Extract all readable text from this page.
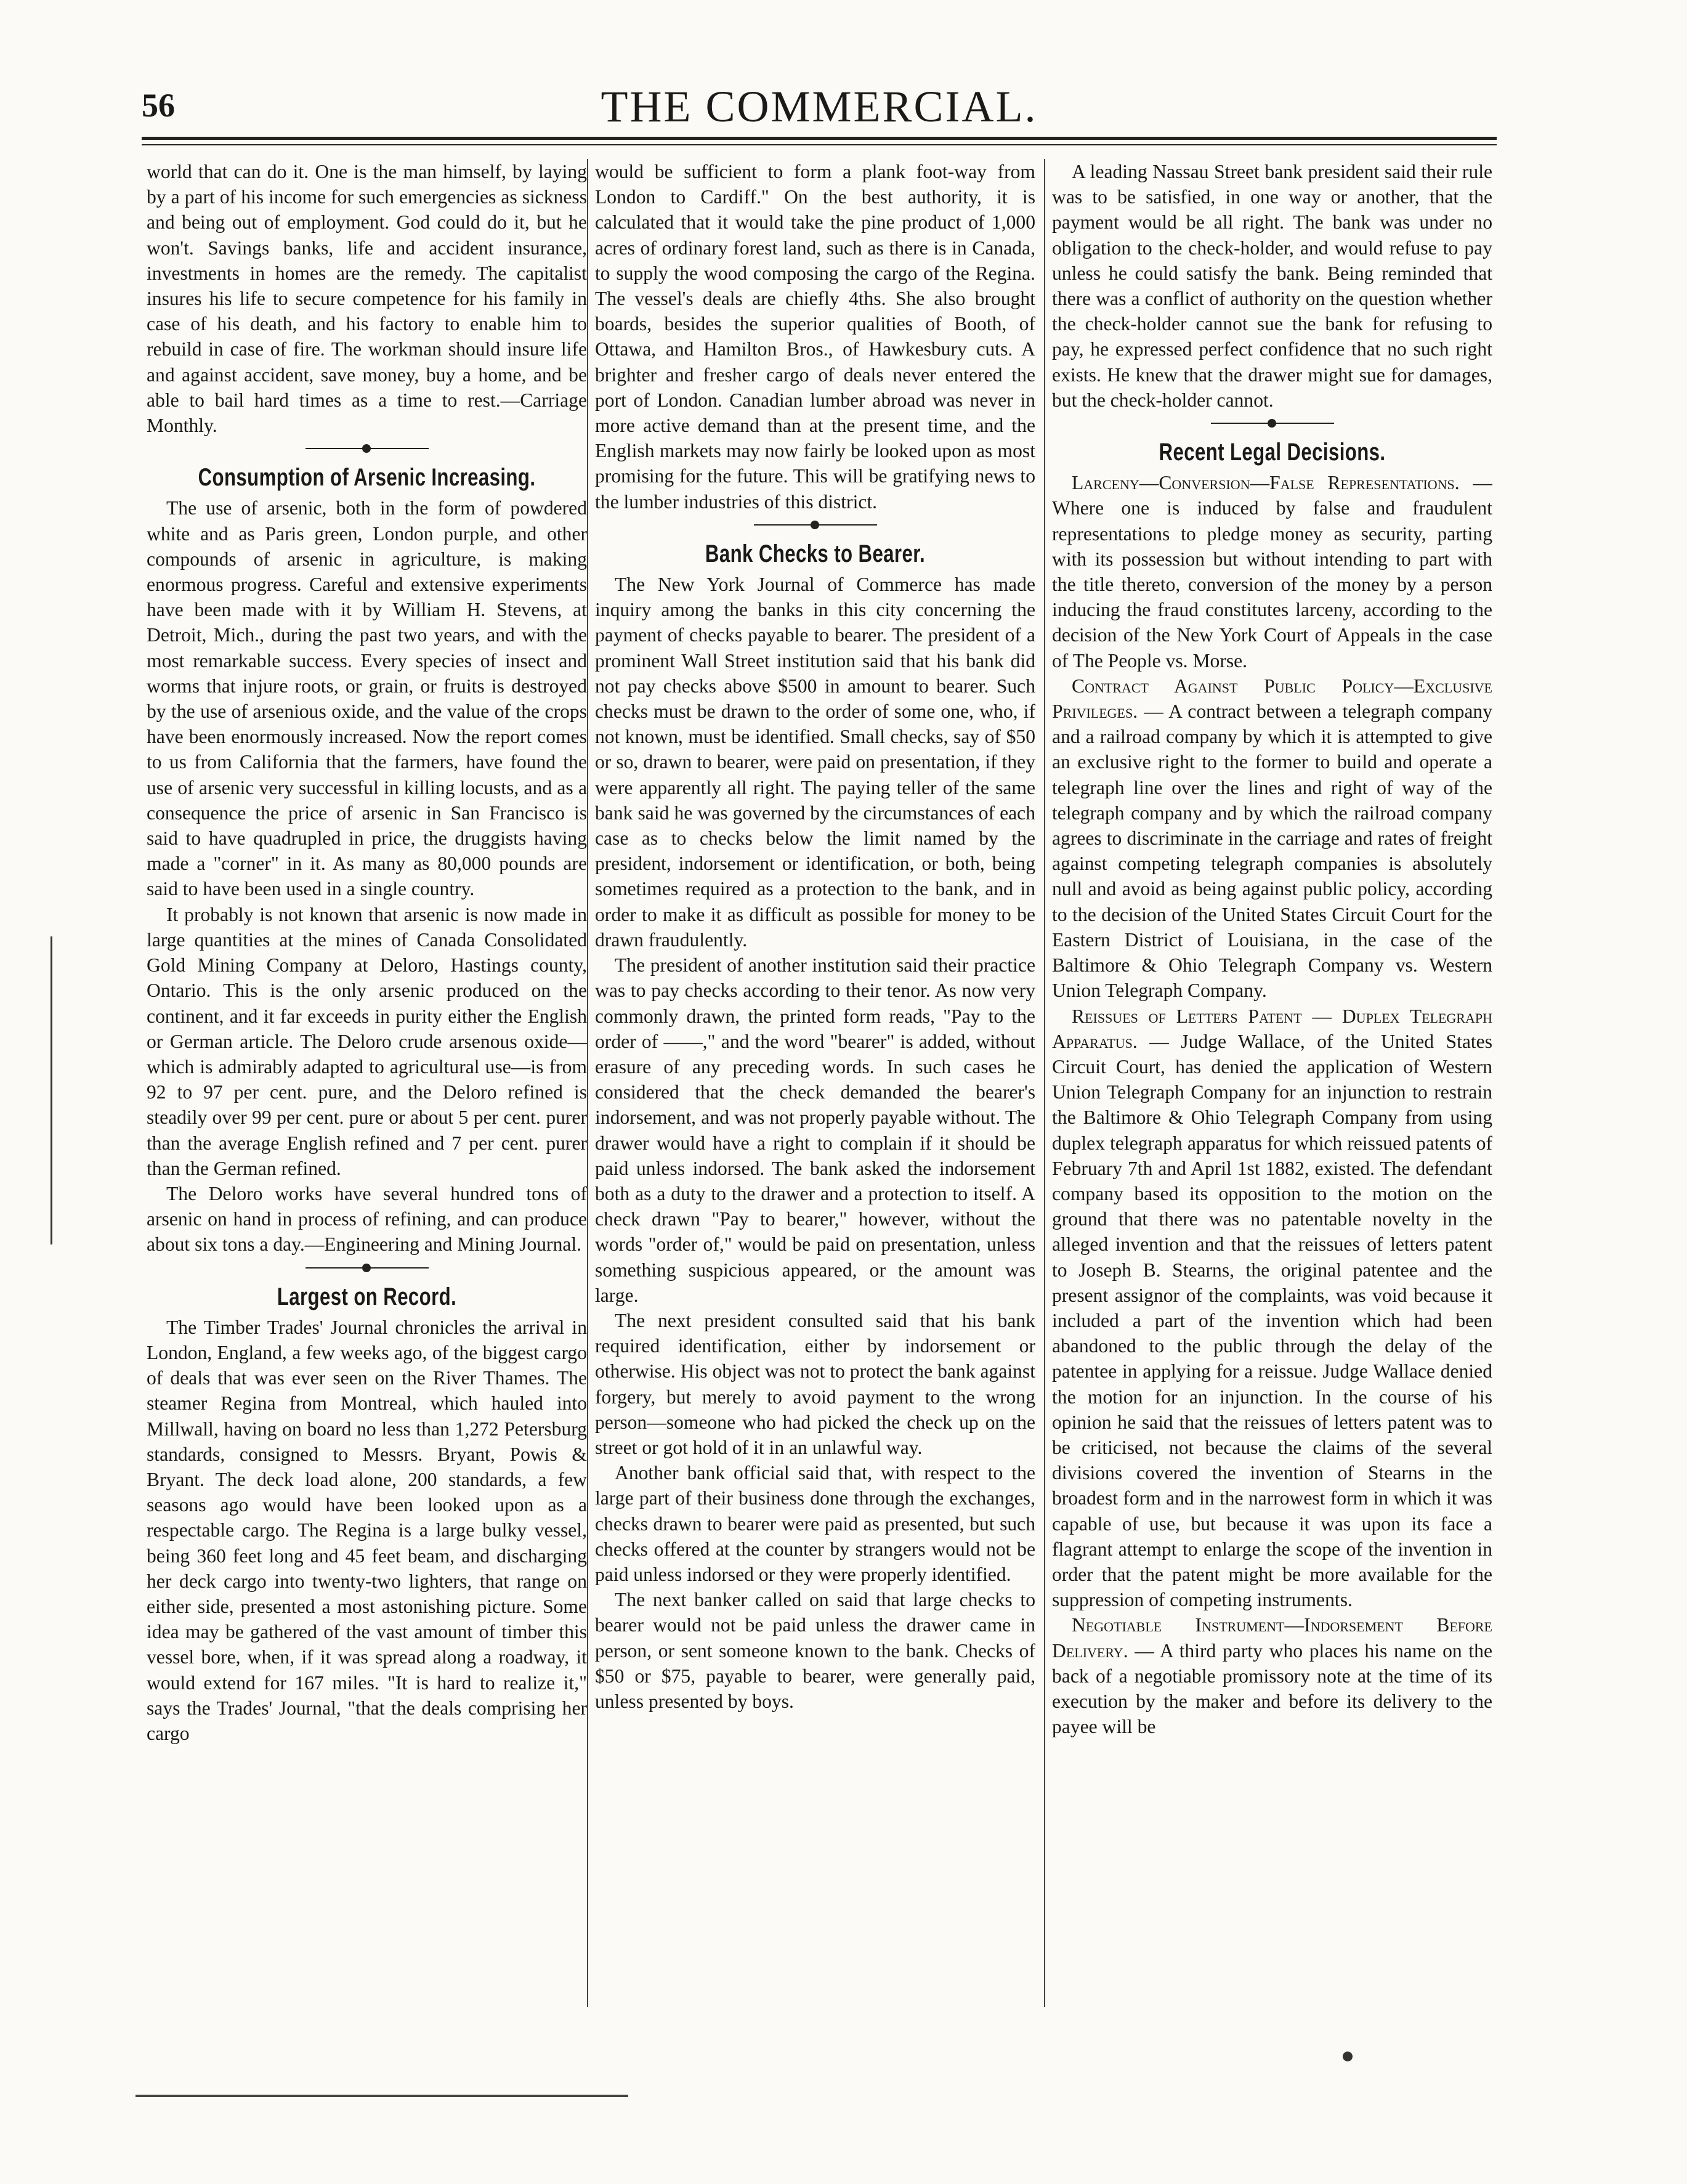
56	THE COMMERCIAL.

world that can do it. One is the man himself, by laying by a part of his income for such emergencies as sickness and being out of employment. God could do it, but he won't. Savings banks, life and accident insurance, investments in homes are the remedy. The capitalist insures his life to secure competence for his family in case of his death, and his factory to enable him to rebuild in case of fire. The workman should insure life and against accident, save money, buy a home, and be able to bail hard times as a time to rest.—Carriage Monthly.

Consumption of Arsenic Increasing.

The use of arsenic, both in the form of powdered white and as Paris green, London purple, and other compounds of arsenic in agriculture, is making enormous progress. Careful and extensive experiments have been made with it by William H. Stevens, at Detroit, Mich., during the past two years, and with the most remarkable success. Every species of insect and worms that injure roots, or grain, or fruits is destroyed by the use of arsenious oxide, and the value of the crops have been enormously increased. Now the report comes to us from California that the farmers, have found the use of arsenic very successful in killing locusts, and as a consequence the price of arsenic in San Francisco is said to have quadrupled in price, the druggists having made a "corner" in it. As many as 80,000 pounds are said to have been used in a single country.

It probably is not known that arsenic is now made in large quantities at the mines of Canada Consolidated Gold Mining Company at Deloro, Hastings county, Ontario. This is the only arsenic produced on the continent, and it far exceeds in purity either the English or German article. The Deloro crude arsenous oxide—which is admirably adapted to agricultural use—is from 92 to 97 per cent. pure, and the Deloro refined is steadily over 99 per cent. pure or about 5 per cent. purer than the average English refined and 7 per cent. purer than the German refined.

The Deloro works have several hundred tons of arsenic on hand in process of refining, and can produce about six tons a day.—Engineering and Mining Journal.

Largest on Record.

The Timber Trades' Journal chronicles the arrival in London, England, a few weeks ago, of the biggest cargo of deals that was ever seen on the River Thames. The steamer Regina from Montreal, which hauled into Millwall, having on board no less than 1,272 Petersburg standards, consigned to Messrs. Bryant, Powis & Bryant. The deck load alone, 200 standards, a few seasons ago would have been looked upon as a respectable cargo. The Regina is a large bulky vessel, being 360 feet long and 45 feet beam, and discharging her deck cargo into twenty-two lighters, that range on either side, presented a most astonishing picture. Some idea may be gathered of the vast amount of timber this vessel bore, when, if it was spread along a roadway, it would extend for 167 miles. "It is hard to realize it," says the Trades' Journal, "that the deals comprising her cargo

would be sufficient to form a plank foot-way from London to Cardiff." On the best authority, it is calculated that it would take the pine product of 1,000 acres of ordinary forest land, such as there is in Canada, to supply the wood composing the cargo of the Regina. The vessel's deals are chiefly 4ths. She also brought boards, besides the superior qualities of Booth, of Ottawa, and Hamilton Bros., of Hawkesbury cuts. A brighter and fresher cargo of deals never entered the port of London. Canadian lumber abroad was never in more active demand than at the present time, and the English markets may now fairly be looked upon as most promising for the future. This will be gratifying news to the lumber industries of this district.

Bank Checks to Bearer.

The New York Journal of Commerce has made inquiry among the banks in this city concerning the payment of checks payable to bearer. The president of a prominent Wall Street institution said that his bank did not pay checks above $500 in amount to bearer. Such checks must be drawn to the order of some one, who, if not known, must be identified. Small checks, say of $50 or so, drawn to bearer, were paid on presentation, if they were apparently all right. The paying teller of the same bank said he was governed by the circumstances of each case as to checks below the limit named by the president, indorsement or identification, or both, being sometimes required as a protection to the bank, and in order to make it as difficult as possible for money to be drawn fraudulently.

The president of another institution said their practice was to pay checks according to their tenor. As now very commonly drawn, the printed form reads, "Pay to the order of ——," and the word "bearer" is added, without erasure of any preceding words. In such cases he considered that the check demanded the bearer's indorsement, and was not properly payable without. The drawer would have a right to complain if it should be paid unless indorsed. The bank asked the indorsement both as a duty to the drawer and a protection to itself. A check drawn "Pay to bearer," however, without the words "order of," would be paid on presentation, unless something suspicious appeared, or the amount was large.

The next president consulted said that his bank required identification, either by indorsement or otherwise. His object was not to protect the bank against forgery, but merely to avoid payment to the wrong person—someone who had picked the check up on the street or got hold of it in an unlawful way.

Another bank official said that, with respect to the large part of their business done through the exchanges, checks drawn to bearer were paid as presented, but such checks offered at the counter by strangers would not be paid unless indorsed or they were properly identified.

The next banker called on said that large checks to bearer would not be paid unless the drawer came in person, or sent someone known to the bank. Checks of $50 or $75, payable to bearer, were generally paid, unless presented by boys.

A leading Nassau Street bank president said their rule was to be satisfied, in one way or another, that the payment would be all right. The bank was under no obligation to the check-holder, and would refuse to pay unless he could satisfy the bank. Being reminded that there was a conflict of authority on the question whether the check-holder cannot sue the bank for refusing to pay, he expressed perfect confidence that no such right exists. He knew that the drawer might sue for damages, but the check-holder cannot.

Recent Legal Decisions.

Larceny—Conversion—False Representations. — Where one is induced by false and fraudulent representations to pledge money as security, parting with its possession but without intending to part with the title thereto, conversion of the money by a person inducing the fraud constitutes larceny, according to the decision of the New York Court of Appeals in the case of The People vs. Morse.

Contract Against Public Policy—Exclusive Privileges. — A contract between a telegraph company and a railroad company by which it is attempted to give an exclusive right to the former to build and operate a telegraph line over the lines and right of way of the telegraph company and by which the railroad company agrees to discriminate in the carriage and rates of freight against competing telegraph companies is absolutely null and avoid as being against public policy, according to the decision of the United States Circuit Court for the Eastern District of Louisiana, in the case of the Baltimore & Ohio Telegraph Company vs. Western Union Telegraph Company.

Reissues of Letters Patent — Duplex Telegraph Apparatus. — Judge Wallace, of the United States Circuit Court, has denied the application of Western Union Telegraph Company for an injunction to restrain the Baltimore & Ohio Telegraph Company from using duplex telegraph apparatus for which reissued patents of February 7th and April 1st 1882, existed. The defendant company based its opposition to the motion on the ground that there was no patentable novelty in the alleged invention and that the reissues of letters patent to Joseph B. Stearns, the original patentee and the present assignor of the complaints, was void because it included a part of the invention which had been abandoned to the public through the delay of the patentee in applying for a reissue. Judge Wallace denied the motion for an injunction. In the course of his opinion he said that the reissues of letters patent was to be criticised, not because the claims of the several divisions covered the invention of Stearns in the broadest form and in the narrowest form in which it was capable of use, but because it was upon its face a flagrant attempt to enlarge the scope of the invention in order that the patent might be more available for the suppression of competing instruments.

Negotiable Instrument—Indorsement Before Delivery. — A third party who places his name on the back of a negotiable promissory note at the time of its execution by the maker and before its delivery to the payee will be
